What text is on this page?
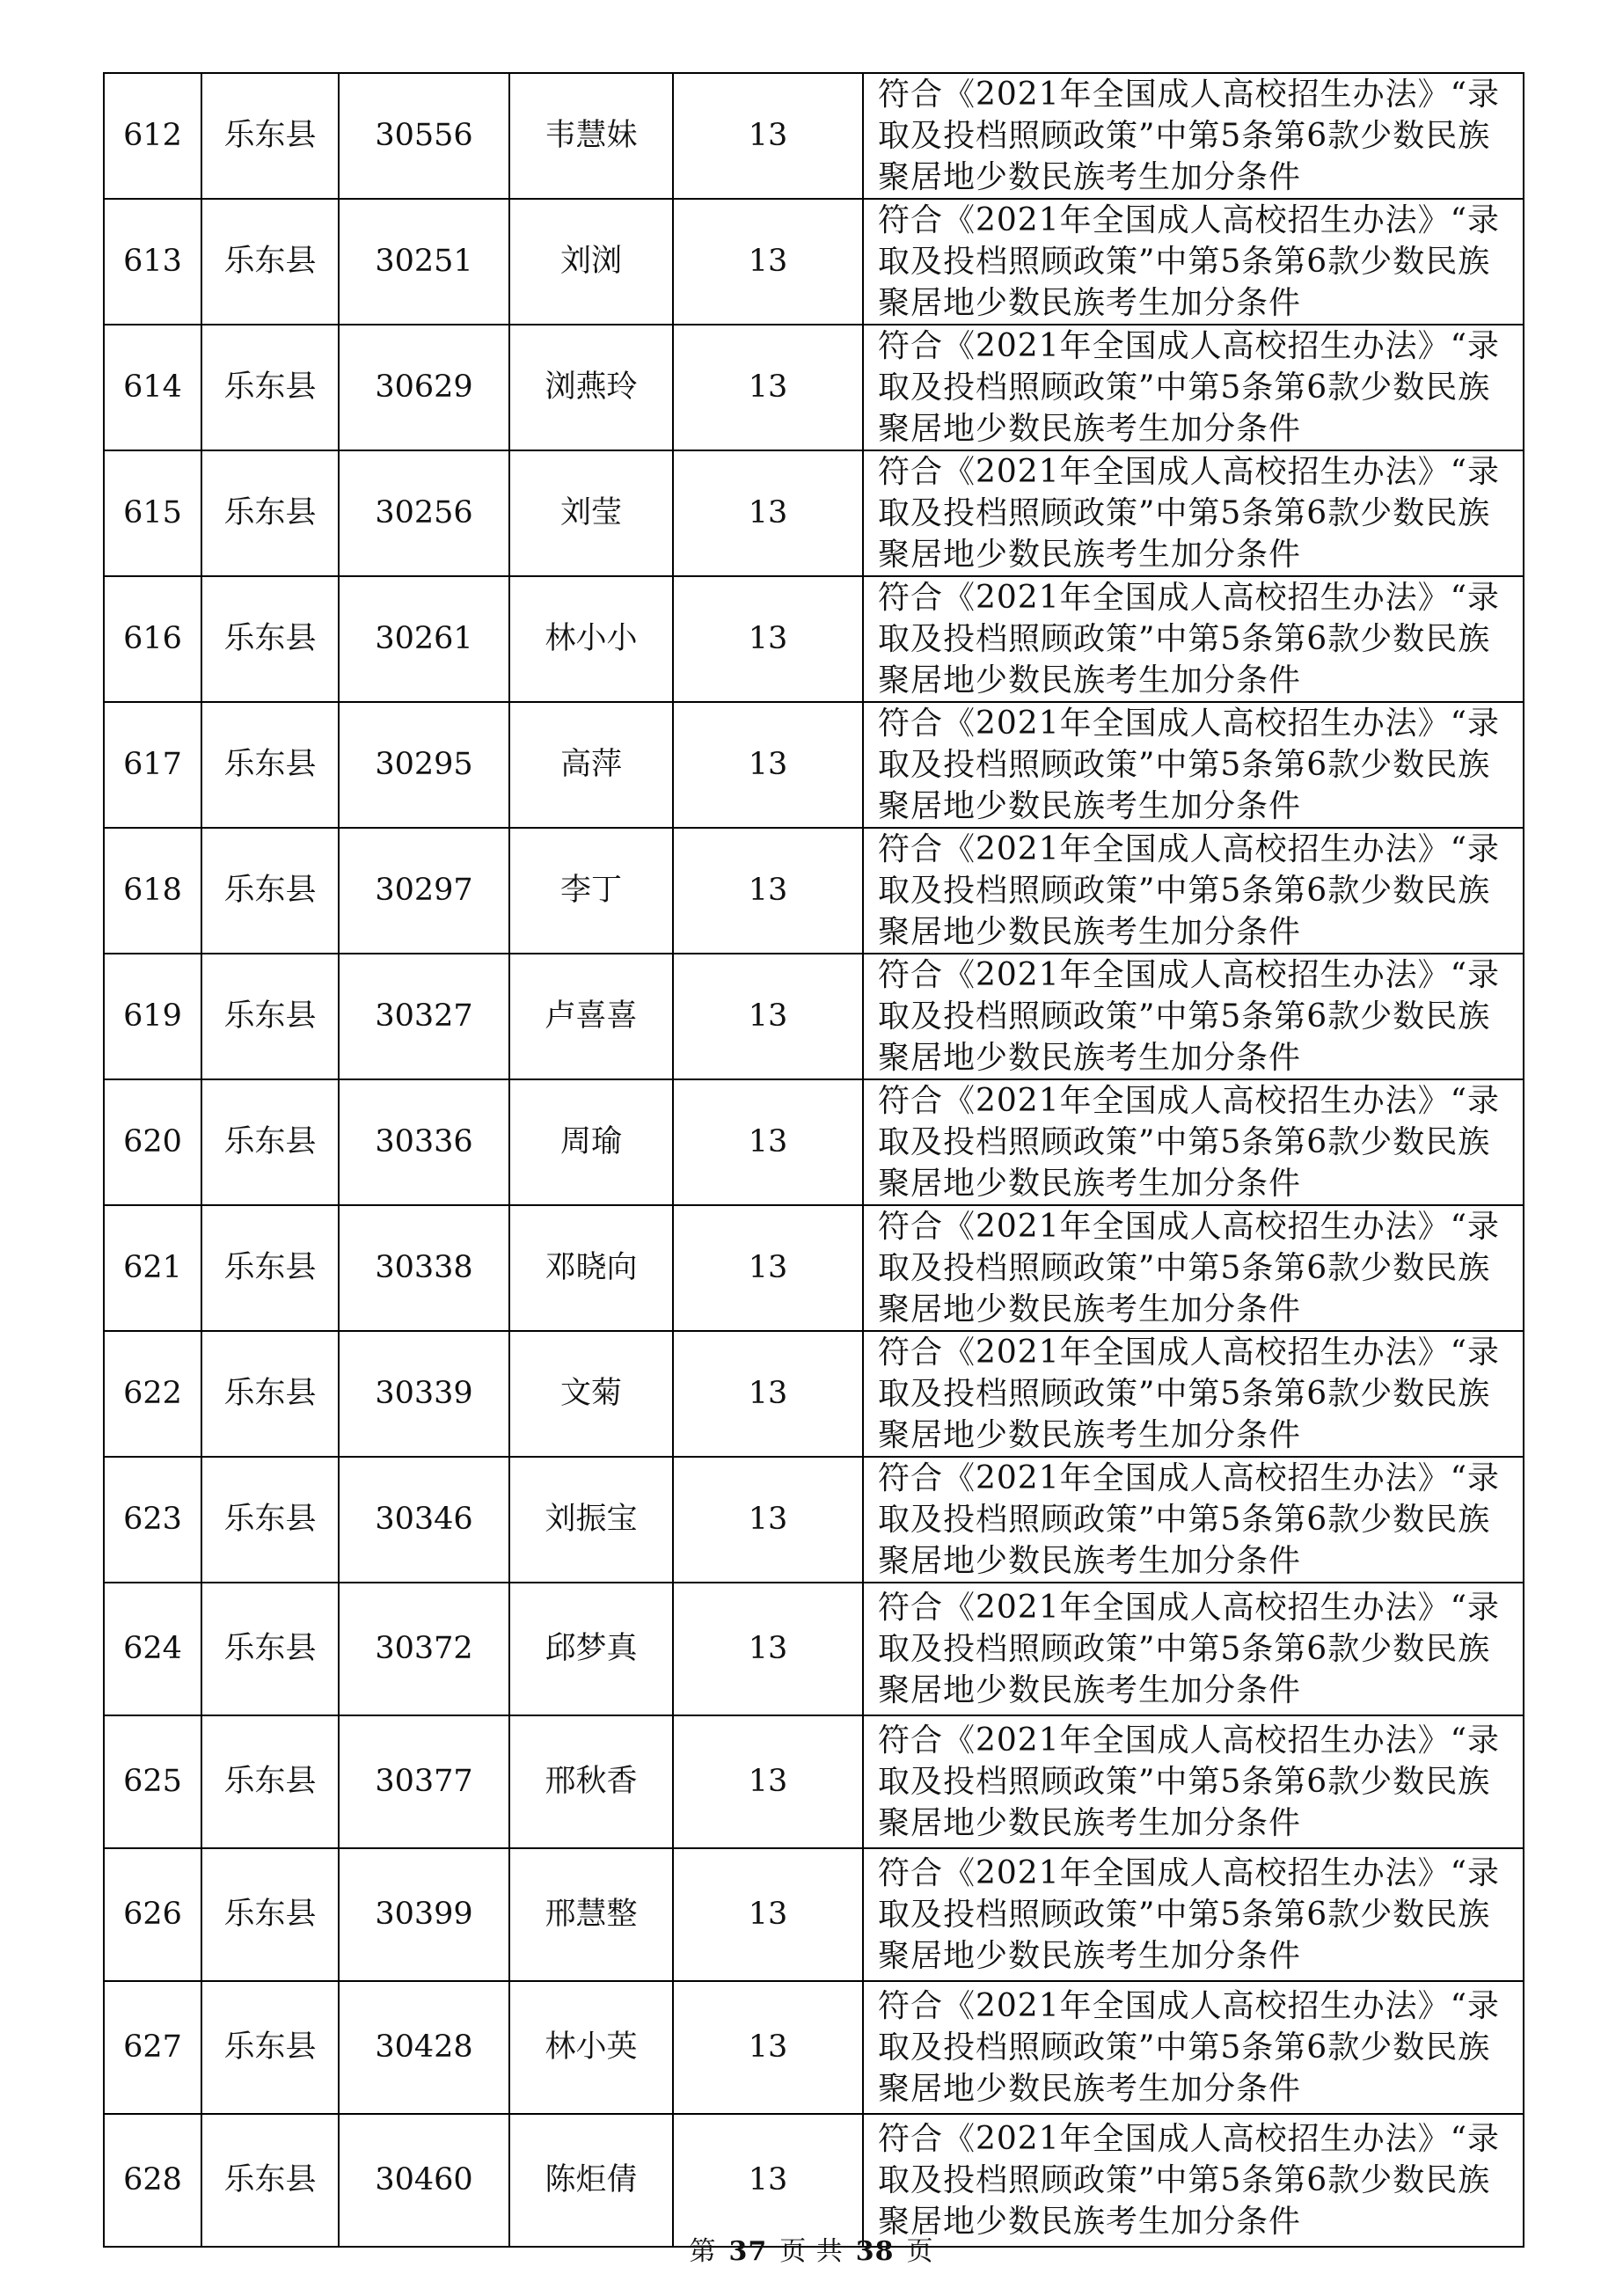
612	乐东县	30556	韦慧妹	13	符合《2021年全国成人高校招生办法》“录取及投档照顾政策”中第5条第6款少数民族聚居地少数民族考生加分条件
613	乐东县	30251	刘浏	13	符合《2021年全国成人高校招生办法》“录取及投档照顾政策”中第5条第6款少数民族聚居地少数民族考生加分条件
614	乐东县	30629	浏燕玲	13	符合《2021年全国成人高校招生办法》“录取及投档照顾政策”中第5条第6款少数民族聚居地少数民族考生加分条件
615	乐东县	30256	刘莹	13	符合《2021年全国成人高校招生办法》“录取及投档照顾政策”中第5条第6款少数民族聚居地少数民族考生加分条件
616	乐东县	30261	林小小	13	符合《2021年全国成人高校招生办法》“录取及投档照顾政策”中第5条第6款少数民族聚居地少数民族考生加分条件
617	乐东县	30295	高萍	13	符合《2021年全国成人高校招生办法》“录取及投档照顾政策”中第5条第6款少数民族聚居地少数民族考生加分条件
618	乐东县	30297	李丁	13	符合《2021年全国成人高校招生办法》“录取及投档照顾政策”中第5条第6款少数民族聚居地少数民族考生加分条件
619	乐东县	30327	卢喜喜	13	符合《2021年全国成人高校招生办法》“录取及投档照顾政策”中第5条第6款少数民族聚居地少数民族考生加分条件
620	乐东县	30336	周瑜	13	符合《2021年全国成人高校招生办法》“录取及投档照顾政策”中第5条第6款少数民族聚居地少数民族考生加分条件
621	乐东县	30338	邓晓向	13	符合《2021年全国成人高校招生办法》“录取及投档照顾政策”中第5条第6款少数民族聚居地少数民族考生加分条件
622	乐东县	30339	文菊	13	符合《2021年全国成人高校招生办法》“录取及投档照顾政策”中第5条第6款少数民族聚居地少数民族考生加分条件
623	乐东县	30346	刘振宝	13	符合《2021年全国成人高校招生办法》“录取及投档照顾政策”中第5条第6款少数民族聚居地少数民族考生加分条件
624	乐东县	30372	邱梦真	13	符合《2021年全国成人高校招生办法》“录取及投档照顾政策”中第5条第6款少数民族聚居地少数民族考生加分条件
625	乐东县	30377	邢秋香	13	符合《2021年全国成人高校招生办法》“录取及投档照顾政策”中第5条第6款少数民族聚居地少数民族考生加分条件
626	乐东县	30399	邢慧整	13	符合《2021年全国成人高校招生办法》“录取及投档照顾政策”中第5条第6款少数民族聚居地少数民族考生加分条件
627	乐东县	30428	林小英	13	符合《2021年全国成人高校招生办法》“录取及投档照顾政策”中第5条第6款少数民族聚居地少数民族考生加分条件
628	乐东县	30460	陈炬倩	13	符合《2021年全国成人高校招生办法》“录取及投档照顾政策”中第5条第6款少数民族聚居地少数民族考生加分条件
第 37 页 共 38 页
